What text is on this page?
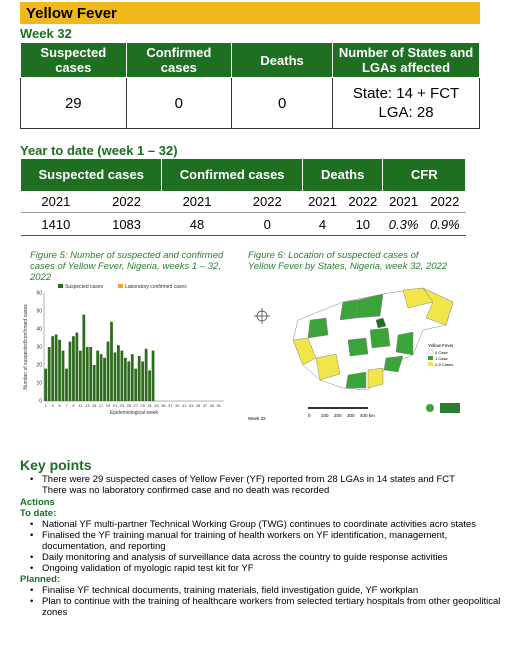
Yellow Fever
Week 32
Suspected cases	Confirmed cases	Deaths	Number of States and LGAs affected
29	0	0	State: 14 + FCT
LGA: 28
Year to date (week 1 – 32)
Suspected cases		Confirmed cases		Deaths		CFR	
2021	2022	2021	2022	2021	2022	2021	2022
1410	1083	48	0	4	10	0.3%	0.9%
Figure 5: Number of suspected and confirmed cases of Yellow Fever, Nigeria, weeks 1 – 32, 2022
Suspected cases	Laboratory confirmed cases
0
10
20
30
40
50
60
1 3 5 7 9 11 13 15 17 19 21 23 25 27 29 31 33 35 37 39 41 43 45 47 49 51
Epidemiological week
Number of suspected/confirmed cases
Figure 6: Location of suspected cases of Yellow Fever by States, Nigeria, week 32, 2022
0 100 200 300 400 km
Week 32
Yellow Fever
0 Case
1 Case
2-5 Cases
Key points
• There were 29 suspected cases of Yellow Fever (YF) reported from 28 LGAs in 14 states and FCT
There was no laboratory confirmed case and no death was recorded
Actions
To date:
• National YF multi-partner Technical Working Group (TWG) continues to coordinate activities acro states
• Finalised the YF training manual for training of health workers on YF identification, management, documentation, and reporting
• Daily monitoring and analysis of surveillance data across the country to guide response activities
• Ongoing validation of myologic rapid test kit for YF
Planned:
• Finalise YF technical documents, training materials, field investigation guide, YF workplan
• Plan to continue with the training of healthcare workers from selected tertiary hospitals from other geopolitical zones
